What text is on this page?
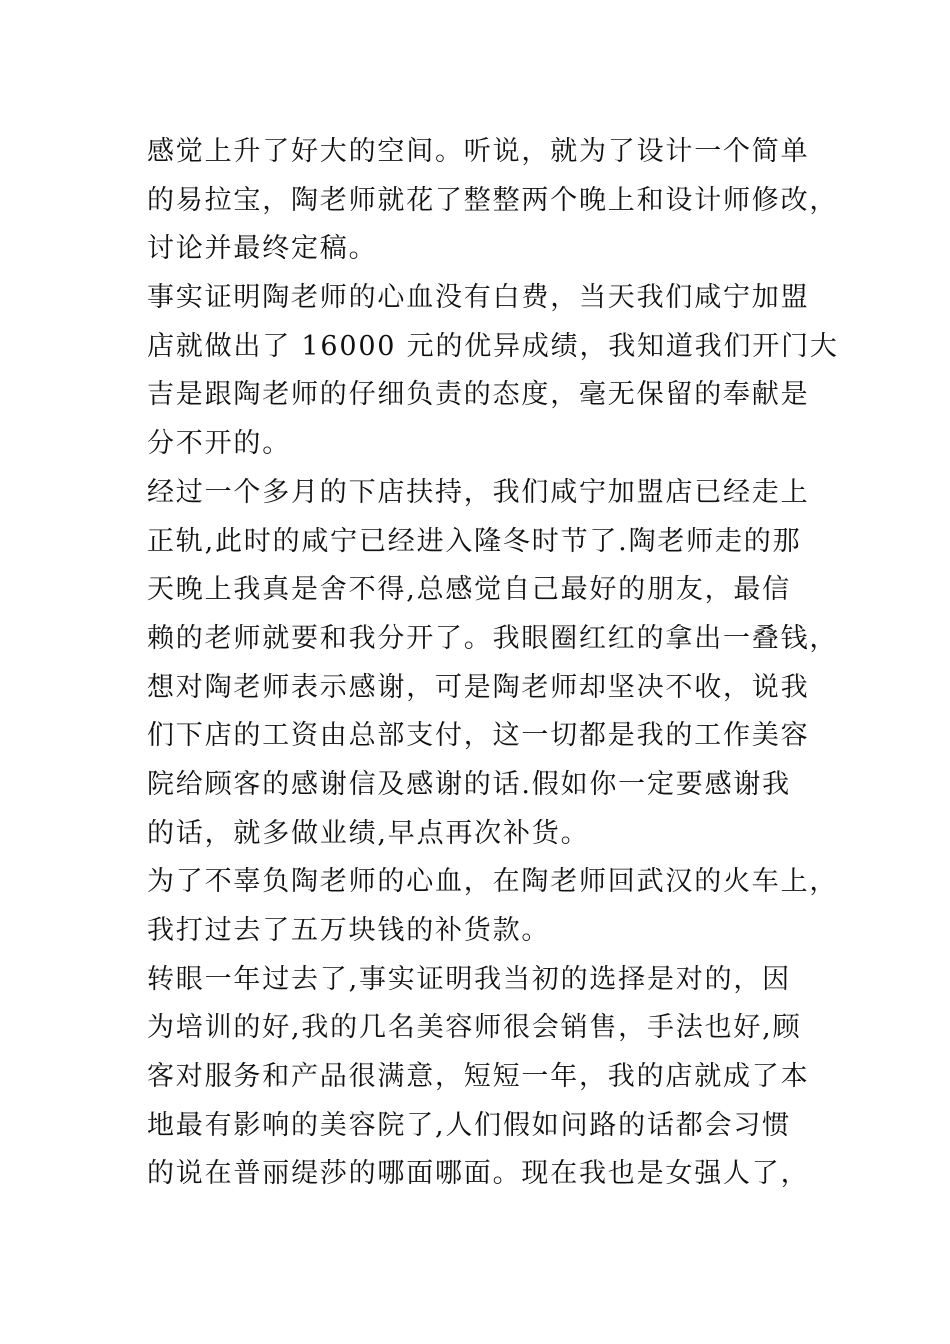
感觉上升了好大的空间。听说，就为了设计一个简单
的易拉宝，陶老师就花了整整两个晚上和设计师修改，
讨论并最终定稿。
事实证明陶老师的心血没有白费，当天我们咸宁加盟
店就做出了 16000 元的优异成绩，我知道我们开门大
吉是跟陶老师的仔细负责的态度，毫无保留的奉献是
分不开的。
经过一个多月的下店扶持，我们咸宁加盟店已经走上
正轨,此时的咸宁已经进入隆冬时节了.陶老师走的那
天晚上我真是舍不得,总感觉自己最好的朋友，最信
赖的老师就要和我分开了。我眼圈红红的拿出一叠钱，
想对陶老师表示感谢，可是陶老师却坚决不收，说我
们下店的工资由总部支付，这一切都是我的工作美容
院给顾客的感谢信及感谢的话.假如你一定要感谢我
的话，就多做业绩,早点再次补货。
为了不辜负陶老师的心血，在陶老师回武汉的火车上，
我打过去了五万块钱的补货款。
转眼一年过去了,事实证明我当初的选择是对的，因
为培训的好,我的几名美容师很会销售，手法也好,顾
客对服务和产品很满意，短短一年，我的店就成了本
地最有影响的美容院了,人们假如问路的话都会习惯
的说在普丽缇莎的哪面哪面。现在我也是女强人了，
